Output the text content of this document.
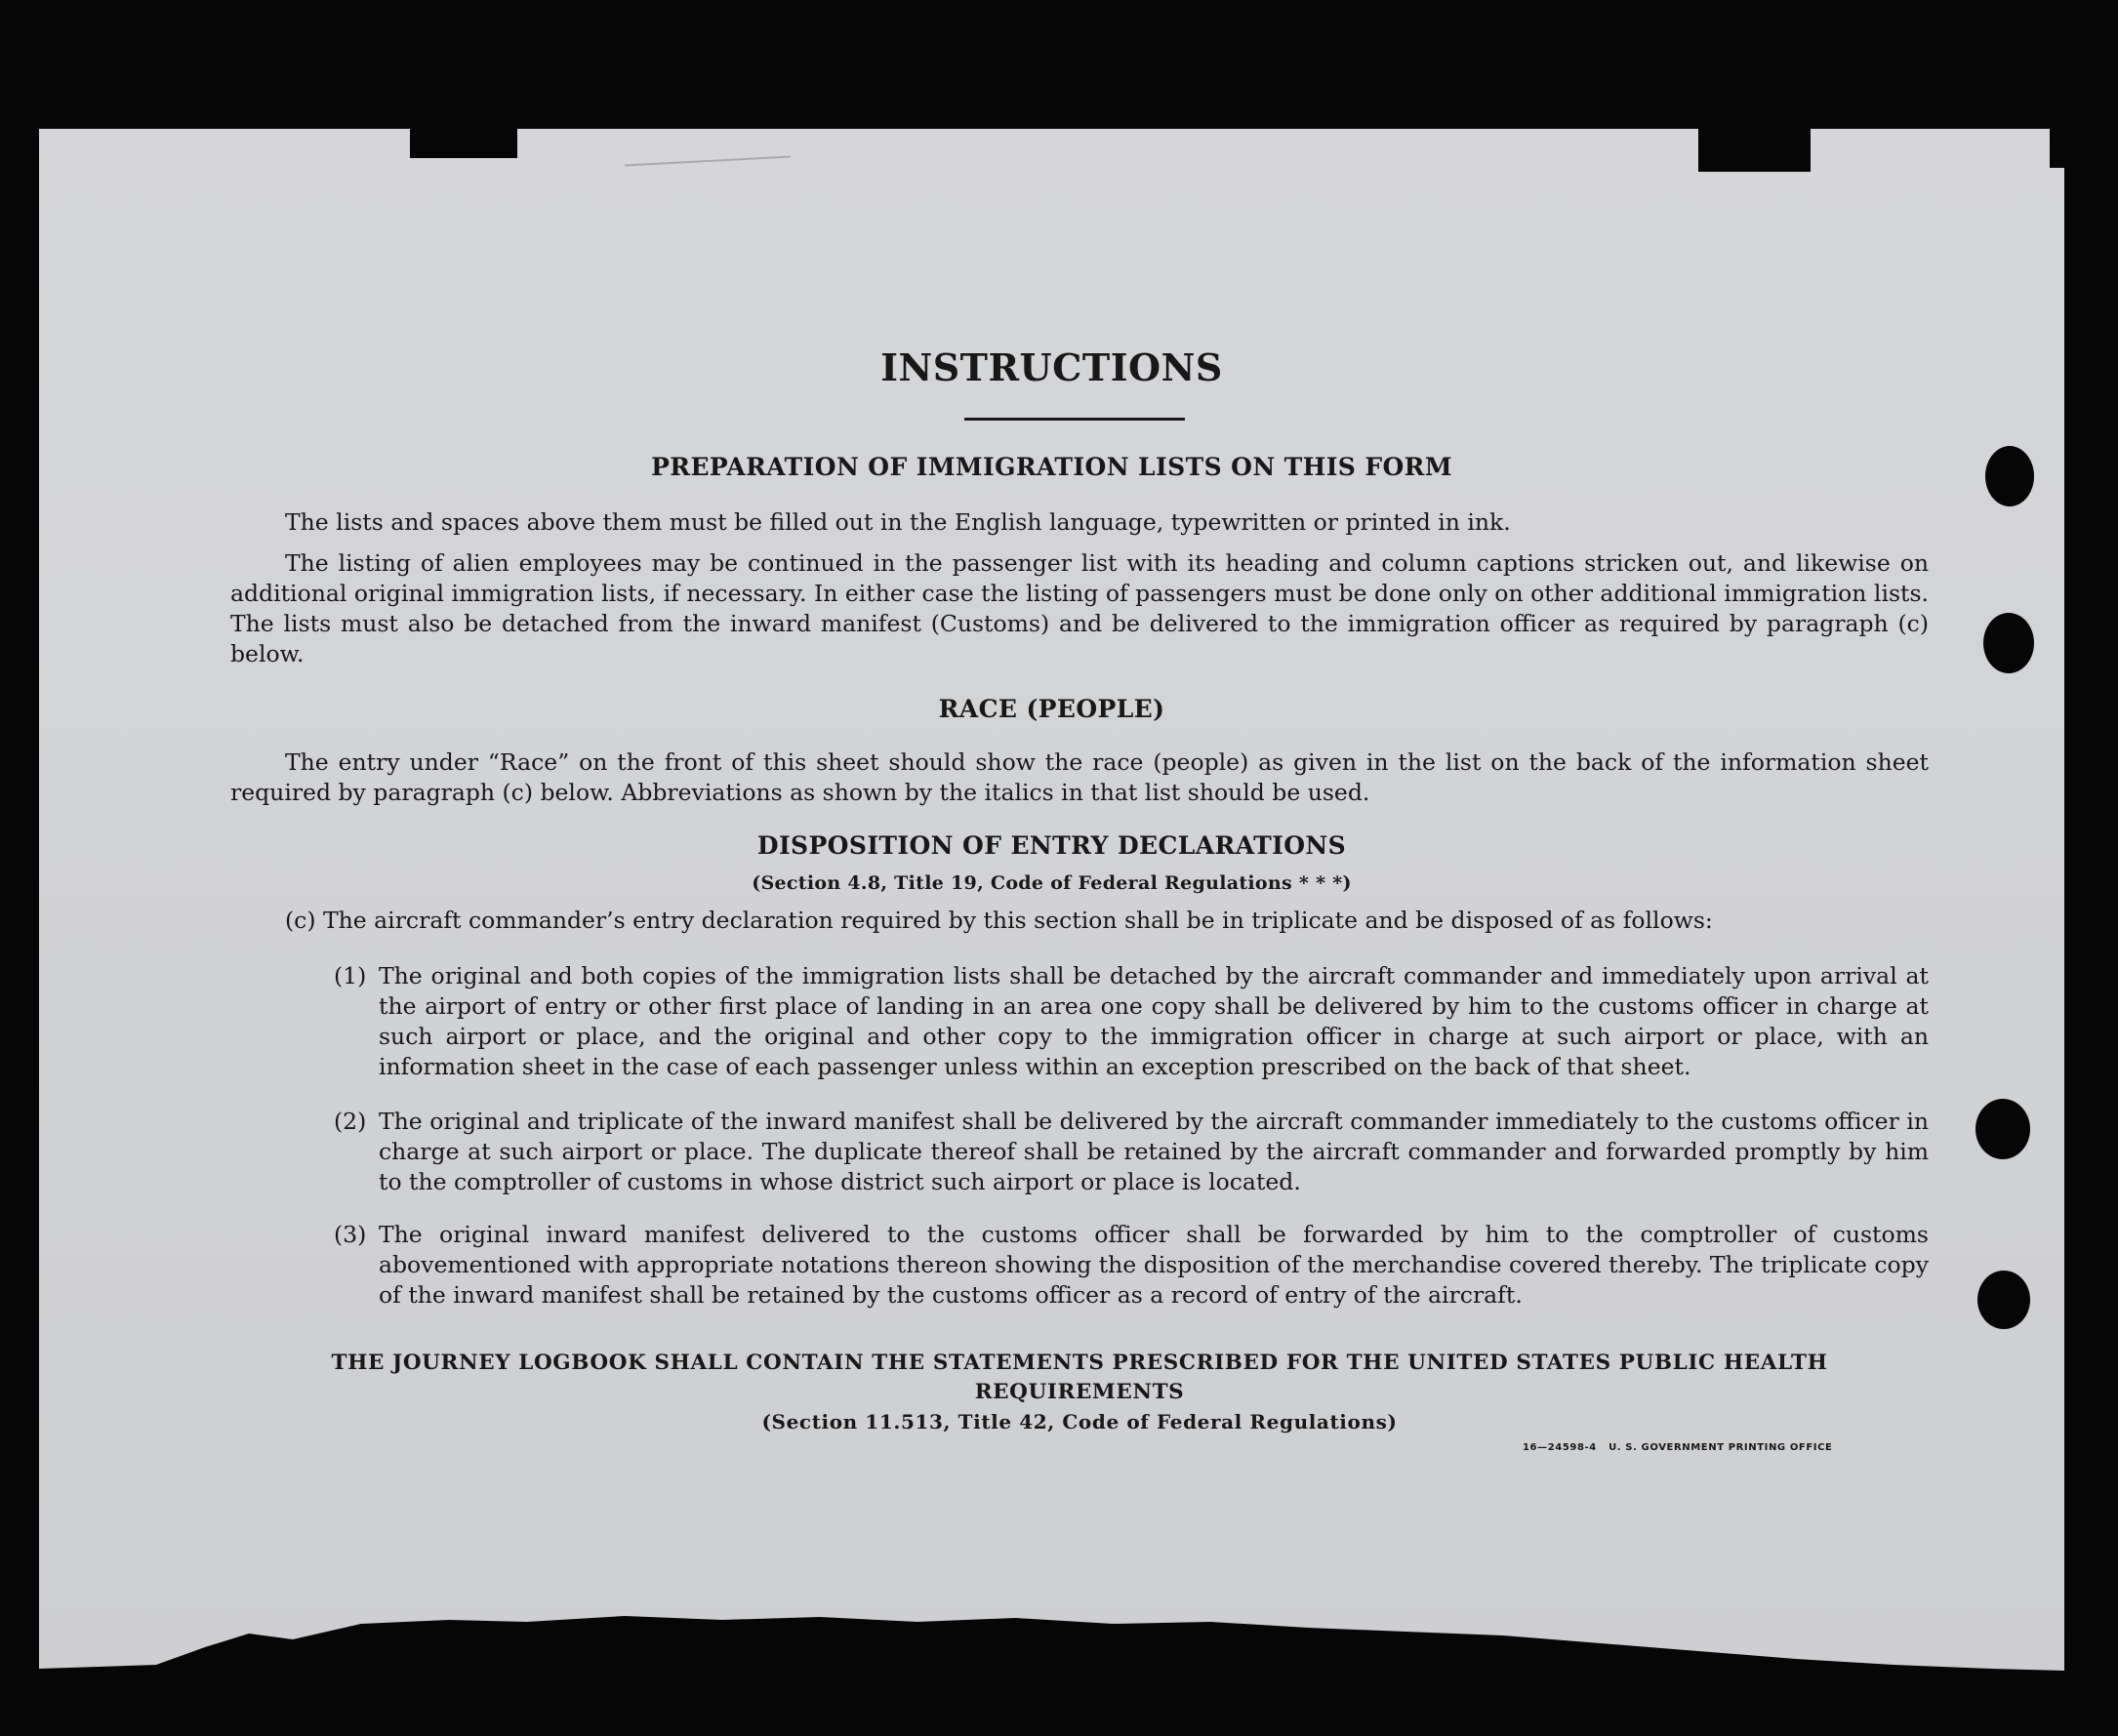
INSTRUCTIONS
PREPARATION OF IMMIGRATION LISTS ON THIS FORM
The lists and spaces above them must be filled out in the English language, typewritten or printed in ink.
The listing of alien employees may be continued in the passenger list with its heading and column captions stricken out, and likewise on additional original immigration lists, if necessary. In either case the listing of passengers must be done only on other additional immigration lists. The lists must also be detached from the inward manifest (Customs) and be delivered to the immigration officer as required by paragraph (c) below.
RACE (PEOPLE)
The entry under “Race” on the front of this sheet should show the race (people) as given in the list on the back of the information sheet required by paragraph (c) below. Abbreviations as shown by the italics in that list should be used.
DISPOSITION OF ENTRY DECLARATIONS
(Section 4.8, Title 19, Code of Federal Regulations * * *)
(c) The aircraft commander’s entry declaration required by this section shall be in triplicate and be disposed of as follows:
(1) The original and both copies of the immigration lists shall be detached by the aircraft commander and immediately upon arrival at the airport of entry or other first place of landing in an area one copy shall be delivered by him to the customs officer in charge at such airport or place, and the original and other copy to the immigration officer in charge at such airport or place, with an information sheet in the case of each passenger unless within an exception prescribed on the back of that sheet.
(2) The original and triplicate of the inward manifest shall be delivered by the aircraft commander immediately to the customs officer in charge at such airport or place. The duplicate thereof shall be retained by the aircraft commander and forwarded promptly by him to the comptroller of customs in whose district such airport or place is located.
(3) The original inward manifest delivered to the customs officer shall be forwarded by him to the comptroller of customs abovementioned with appropriate notations thereon showing the disposition of the merchandise covered thereby. The triplicate copy of the inward manifest shall be retained by the customs officer as a record of entry of the aircraft.
THE JOURNEY LOGBOOK SHALL CONTAIN THE STATEMENTS PRESCRIBED FOR THE UNITED STATES PUBLIC HEALTH REQUIREMENTS
(Section 11.513, Title 42, Code of Federal Regulations)
16—24598-4 U. S. GOVERNMENT PRINTING OFFICE
